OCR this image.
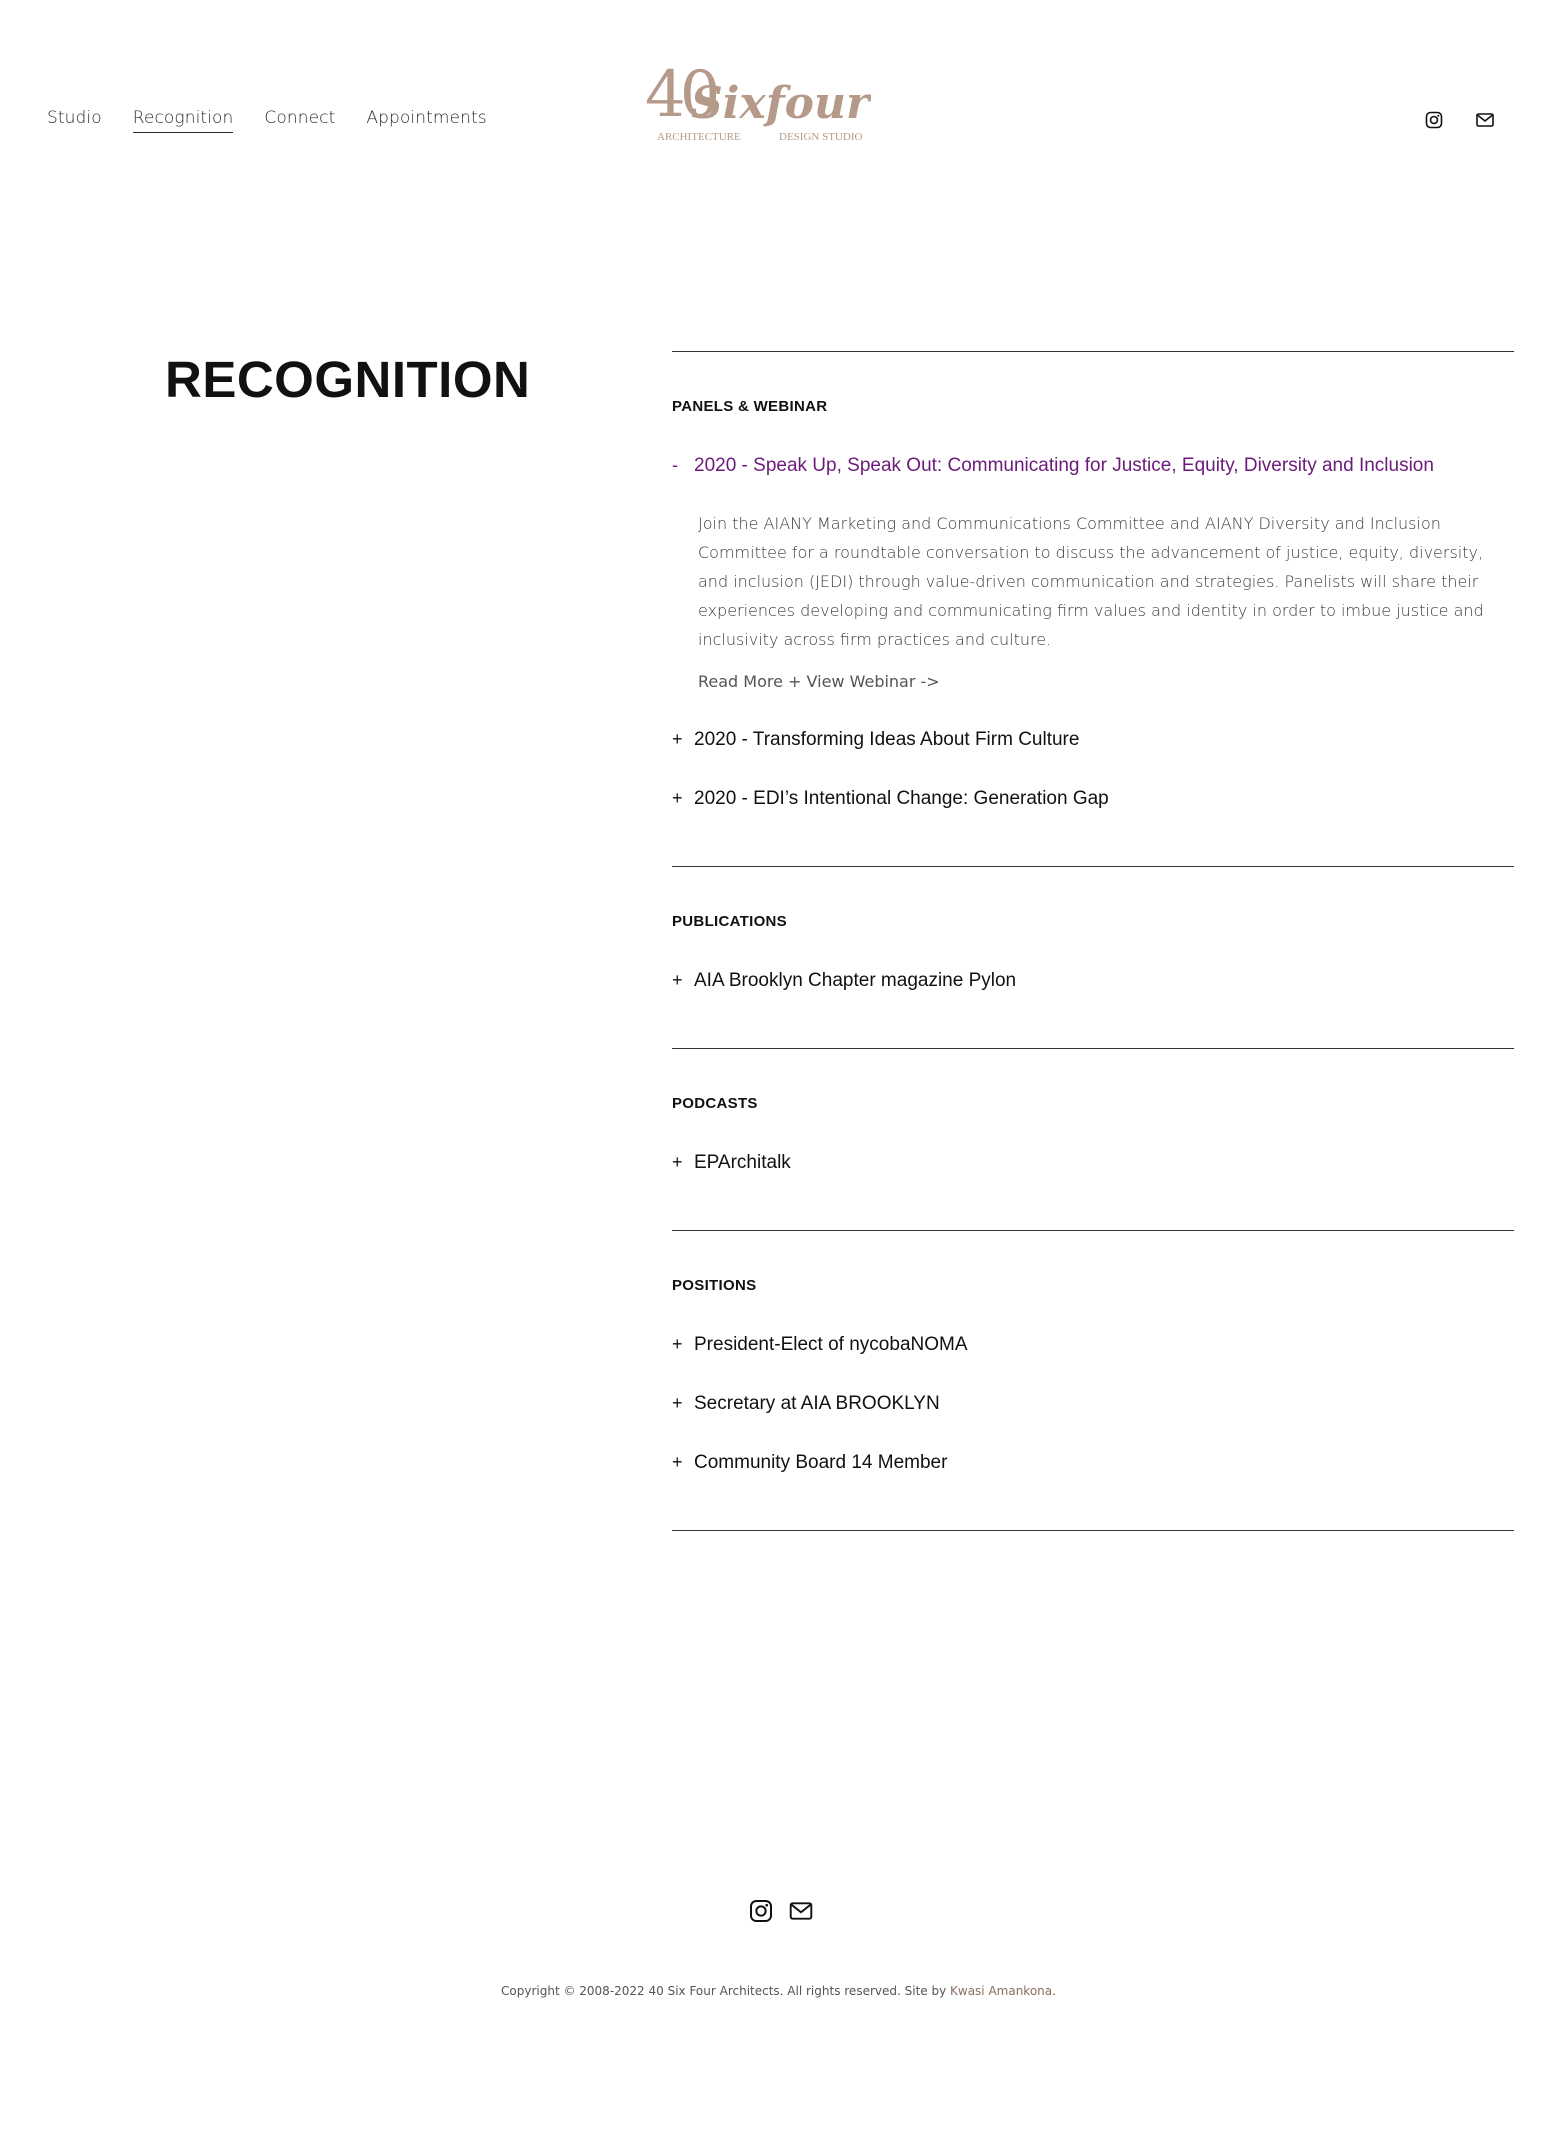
Studio Recognition Connect Appointments 40
Sixfour
ARCHITECTURE	DESIGN STUDIO
RECOGNITION	PANELS & WEBINAR
- 2020 - Speak Up, Speak Out: Communicating for Justice, Equity, Diversity and Inclusion

Join the AIANY Marketing and Communications Committee and AIANY Diversity and Inclusion Committee for a roundtable conversation to discuss the advancement of justice, equity, diversity, and inclusion (JEDI) through value-driven communication and strategies. Panelists will share their experiences developing and communicating firm values and identity in order to imbue justice and inclusivity across firm practices and culture.

Read More + View Webinar ->
+ 2020 - Transforming Ideas About Firm Culture
+ 2020 - EDI’s Intentional Change: Generation Gap
PUBLICATIONS
+ AIA Brooklyn Chapter magazine Pylon
PODCASTS
+ EPArchitalk
POSITIONS
+ President-Elect of nycobaNOMA
+ Secretary at AIA BROOKLYN
+ Community Board 14 Member
Copyright © 2008-2022 40 Six Four Architects. All rights reserved. Site by Kwasi Amankona.
